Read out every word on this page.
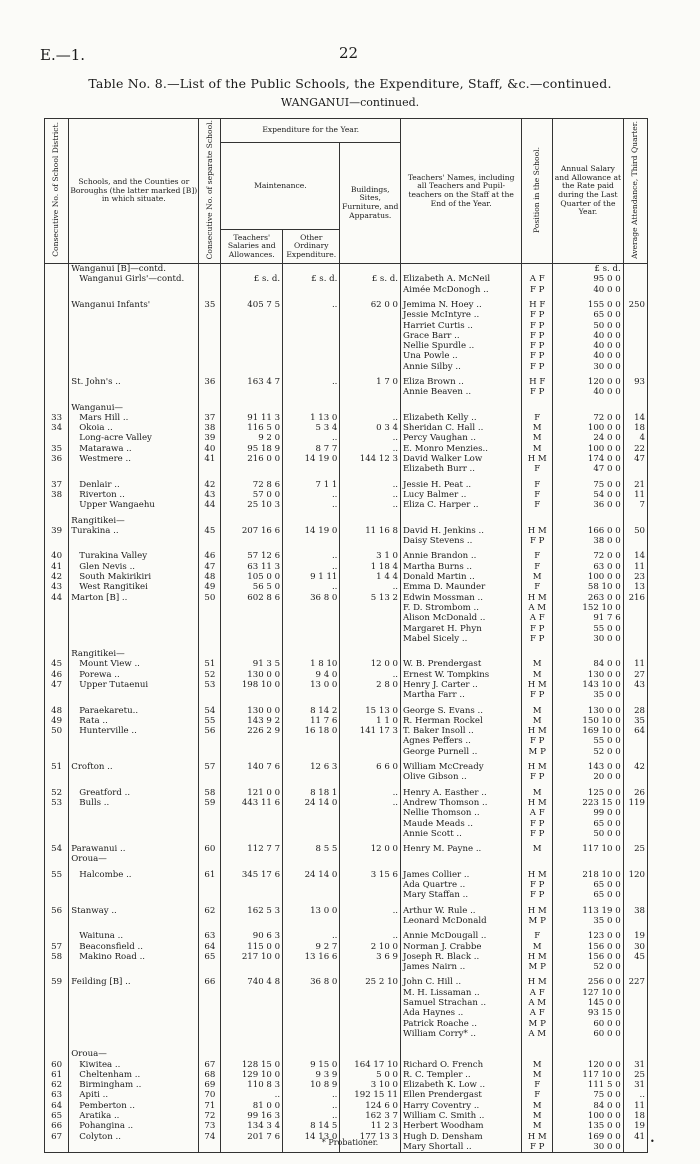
E.—1.	22
Table No. 8.—List of the Public Schools, the Expenditure, Staff, &c.—continued.
WANGANUI—continued.
Consecutive No. of School District.	Schools, and the Counties or Boroughs (the latter marked [B]) in which situate.	Consecutive No. of separate School.	Expenditure for the Year.			Teachers' Names, including all Teachers and Pupil-teachers on the Staff at the End of the Year.	Position in the School.	Annual Salary and Allowance at the Rate paid during the Last Quarter of the Year.	Average Attendance, Third Quarter.
			Maintenance.		Buildings, Sites, Furniture, and Apparatus.				
			Teachers' Salaries and Allowances.	Other Ordinary Expenditure.					
	Wanganui [B]—contd.							£ s. d.	
	Wanganui Girls'—contd.		£ s. d.	£ s. d.	£ s. d.	Elizabeth A. McNeil	A F	95 0 0	
						Aimée McDonogh ..	F P	40 0 0	

	Wanganui Infants'	35	405 7 5	..	62 0 0	Jemima N. Hoey ..	H F	155 0 0	250
						Jessie McIntyre ..	F P	65 0 0	
						Harriet Curtis ..	F P	50 0 0	
						Grace Barr ..	F P	40 0 0	
						Nellie Spurdle ..	F P	40 0 0	
						Una Powle ..	F P	40 0 0	
						Annie Silby ..	F P	30 0 0	

	St. John's ..	36	163 4 7	..	1 7 0	Eliza Brown ..	H F	120 0 0	93
						Annie Beaven ..	F P	40 0 0	

	Wanganui—								
33	Mars Hill ..	37	91 11 3	1 13 0	..	Elizabeth Kelly ..	F	72 0 0	14
34	Okoia ..	38	116 5 0	5 3 4	0 3 4	Sheridan C. Hall ..	M	100 0 0	18
	Long-acre Valley	39	9 2 0	..	..	Percy Vaughan ..	M	24 0 0	4
35	Matarawa ..	40	95 18 9	8 7 7	..	E. Monro Menzies..	M	100 0 0	22
36	Westmere ..	41	216 0 0	14 19 0	144 12 3	David Walker Low	H M	174 0 0	47
						Elizabeth Burr ..	F	47 0 0	

37	Denlair ..	42	72 8 6	7 1 1	..	Jessie H. Peat ..	F	75 0 0	21
38	Riverton ..	43	57 0 0	..	..	Lucy Balmer ..	F	54 0 0	11
	Upper Wangaehu	44	25 10 3	..	..	Eliza C. Harper ..	F	36 0 0	7

	Rangitikei—								
39	Turakina ..	45	207 16 6	14 19 0	11 16 8	David H. Jenkins ..	H M	166 0 0	50
						Daisy Stevens ..	F P	38 0 0	

40	Turakina Valley	46	57 12 6	..	3 1 0	Annie Brandon ..	F	72 0 0	14
41	Glen Nevis ..	47	63 11 3	..	1 18 4	Martha Burns ..	F	63 0 0	11
42	South Makirikiri	48	105 0 0	9 1 11	1 4 4	Donald Martin ..	M	100 0 0	23
43	West Rangitikei	49	56 5 0	..	..	Emma D. Maunder	F	58 10 0	13
44	Marton [B] ..	50	602 8 6	36 8 0	5 13 2	Edwin Mossman ..	H M	263 0 0	216
						F. D. Strombom ..	A M	152 10 0	
						Alison McDonald ..	A F	91 7 6	
						Margaret H. Phyn	F P	55 0 0	
						Mabel Sicely ..	F P	30 0 0	

	Rangitikei—								
45	Mount View ..	51	91 3 5	1 8 10	12 0 0	W. B. Prendergast	M	84 0 0	11
46	Porewa ..	52	130 0 0	9 4 0	..	Ernest W. Tompkins	M	130 0 0	27
47	Upper Tutaenui	53	198 10 0	13 0 0	2 8 0	Henry J. Carter ..	H M	143 10 0	43
						Martha Farr ..	F P	35 0 0	

48	Paraekaretu..	54	130 0 0	8 14 2	15 13 0	George S. Evans ..	M	130 0 0	28
49	Rata ..	55	143 9 2	11 7 6	1 1 0	R. Herman Rockel	M	150 10 0	35
50	Hunterville ..	56	226 2 9	16 18 0	141 17 3	T. Baker Insoll ..	H M	169 10 0	64
						Agnes Peffers ..	F P	55 0 0	
						George Purnell ..	M P	52 0 0	

51	Crofton ..	57	140 7 6	12 6 3	6 6 0	William McCready	H M	143 0 0	42
						Olive Gibson ..	F P	20 0 0	

52	Greatford ..	58	121 0 0	8 18 1	..	Henry A. Easther ..	M	125 0 0	26
53	Bulls ..	59	443 11 6	24 14 0	..	Andrew Thomson ..	H M	223 15 0	119
						Nellie Thomson ..	A F	99 0 0	
						Maude Meads ..	F P	65 0 0	
						Annie Scott ..	F P	50 0 0	

54	Parawanui ..	60	112 7 7	8 5 5	12 0 0	Henry M. Payne ..	M	117 10 0	25
	Oroua—								

55	Halcombe ..	61	345 17 6	24 14 0	3 15 6	James Collier ..	H M	218 10 0	120
						Ada Quartre ..	F P	65 0 0	
						Mary Staffan ..	F P	65 0 0	

56	Stanway ..	62	162 5 3	13 0 0	..	Arthur W. Rule ..	H M	113 19 0	38
						Leonard McDonald	M P	35 0 0	

	Waituna ..	63	90 6 3	..	..	Annie McDougall ..	F	123 0 0	19
57	Beaconsfield ..	64	115 0 0	9 2 7	2 10 0	Norman J. Crabbe	M	156 0 0	30
58	Makino Road ..	65	217 10 0	13 16 6	3 6 9	Joseph R. Black ..	H M	156 0 0	45
						James Nairn ..	M P	52 0 0	

59	Feilding [B] ..	66	740 4 8	36 8 0	25 2 10	John C. Hill ..	H M	256 0 0	227
						M. H. Lissaman ..	A F	127 10 0	
						Samuel Strachan ..	A M	145 0 0	
						Ada Haynes ..	A F	93 15 0	
						Patrick Roache ..	M P	60 0 0	
						William Corry* ..	A M	60 0 0	

	Oroua—								
60	Kiwitea ..	67	128 15 0	9 15 0	164 17 10	Richard O. French	M	120 0 0	31
61	Cheltenham ..	68	129 10 0	9 3 9	5 0 0	R. C. Templer ..	M	117 10 0	25
62	Birmingham ..	69	110 8 3	10 8 9	3 10 0	Elizabeth K. Low ..	F	111 5 0	31
63	Apiti ..	70	..	..	192 15 11	Ellen Prendergast	F	75 0 0	..
64	Pemberton ..	71	81 0 0	..	124 6 0	Harry Coventry ..	M	84 0 0	11
65	Aratika ..	72	99 16 3	..	162 3 7	William C. Smith ..	M	100 0 0	18
66	Pohangina ..	73	134 3 4	8 14 5	11 2 3	Herbert Woodham	M	135 0 0	19
67	Colyton ..	74	201 7 6	14 13 0	177 13 3	Hugh D. Densham	H M	169 0 0	41
						Mary Shortall ..	F P	30 0 0	
* Probationer.	•
